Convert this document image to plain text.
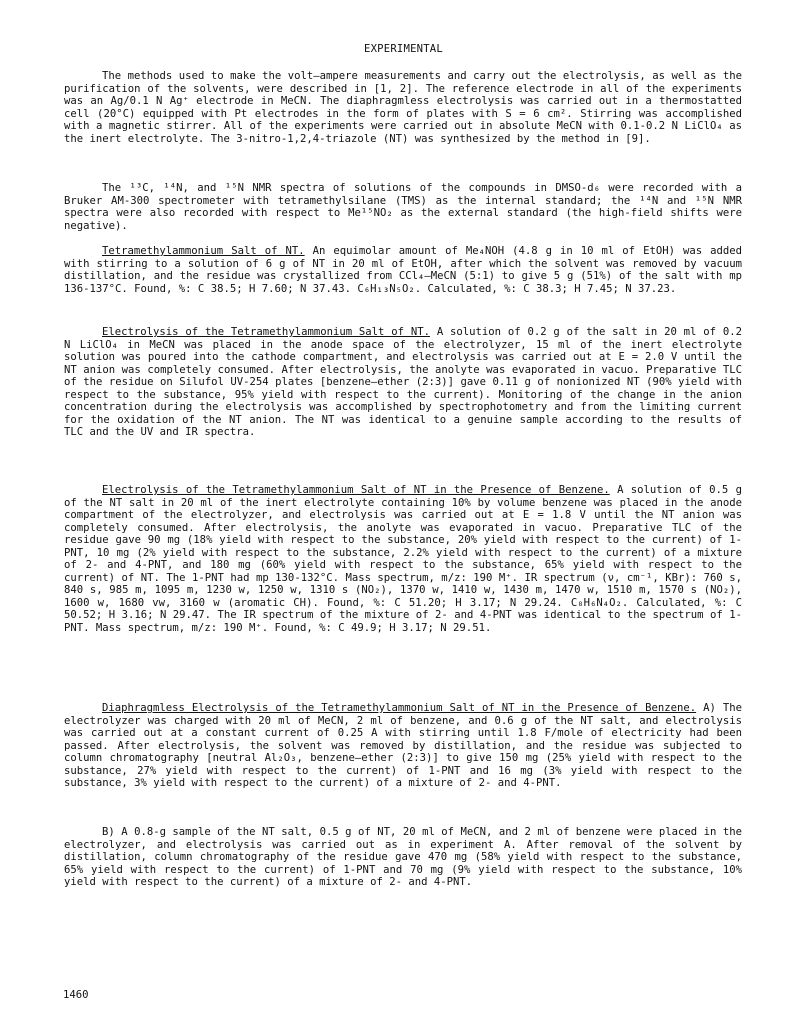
EXPERIMENTAL

The methods used to make the volt–ampere measurements and carry out the electrolysis, as well as the purification of the solvents, were described in [1, 2]. The reference electrode in all of the experiments was an Ag/0.1 N Ag⁺ electrode in MeCN. The diaphragmless electrolysis was carried out in a thermostatted cell (20°C) equipped with Pt electrodes in the form of plates with S = 6 cm². Stirring was accomplished with a magnetic stirrer. All of the experiments were carried out in absolute MeCN with 0.1-0.2 N LiClO₄ as the inert electrolyte. The 3-nitro-1,2,4-triazole (NT) was synthesized by the method in [9].

The ¹³C, ¹⁴N, and ¹⁵N NMR spectra of solutions of the compounds in DMSO-d₆ were recorded with a Bruker AM-300 spectrometer with tetramethylsilane (TMS) as the internal standard; the ¹⁴N and ¹⁵N NMR spectra were also recorded with respect to Me¹⁵NO₂ as the external standard (the high-field shifts were negative).

Tetramethylammonium Salt of NT. An equimolar amount of Me₄NOH (4.8 g in 10 ml of EtOH) was added with stirring to a solution of 6 g of NT in 20 ml of EtOH, after which the solvent was removed by vacuum distillation, and the residue was crystallized from CCl₄–MeCN (5:1) to give 5 g (51%) of the salt with mp 136-137°C. Found, %: C 38.5; H 7.60; N 37.43. C₆H₁₃N₅O₂. Calculated, %: C 38.3; H 7.45; N 37.23.

Electrolysis of the Tetramethylammonium Salt of NT. A solution of 0.2 g of the salt in 20 ml of 0.2 N LiClO₄ in MeCN was placed in the anode space of the electrolyzer, 15 ml of the inert electrolyte solution was poured into the cathode compartment, and electrolysis was carried out at E = 2.0 V until the NT anion was completely consumed. After electrolysis, the anolyte was evaporated in vacuo. Preparative TLC of the residue on Silufol UV-254 plates [benzene–ether (2:3)] gave 0.11 g of nonionized NT (90% yield with respect to the substance, 95% yield with respect to the current). Monitoring of the change in the anion concentration during the electrolysis was accomplished by spectrophotometry and from the limiting current for the oxidation of the NT anion. The NT was identical to a genuine sample according to the results of TLC and the UV and IR spectra.

Electrolysis of the Tetramethylammonium Salt of NT in the Presence of Benzene. A solution of 0.5 g of the NT salt in 20 ml of the inert electrolyte containing 10% by volume benzene was placed in the anode compartment of the electrolyzer, and electrolysis was carried out at E = 1.8 V until the NT anion was completely consumed. After electrolysis, the anolyte was evaporated in vacuo. Preparative TLC of the residue gave 90 mg (18% yield with respect to the substance, 20% yield with respect to the current) of 1-PNT, 10 mg (2% yield with respect to the substance, 2.2% yield with respect to the current) of a mixture of 2- and 4-PNT, and 180 mg (60% yield with respect to the substance, 65% yield with respect to the current) of NT. The 1-PNT had mp 130-132°C. Mass spectrum, m/z: 190 M⁺. IR spectrum (ν, cm⁻¹, KBr): 760 s, 840 s, 985 m, 1095 m, 1230 w, 1250 w, 1310 s (NO₂), 1370 w, 1410 w, 1430 m, 1470 w, 1510 m, 1570 s (NO₂), 1600 w, 1680 vw, 3160 w (aromatic CH). Found, %: C 51.20; H 3.17; N 29.24. C₈H₆N₄O₂. Calculated, %: C 50.52; H 3.16; N 29.47. The IR spectrum of the mixture of 2- and 4-PNT was identical to the spectrum of 1-PNT. Mass spectrum, m/z: 190 M⁺. Found, %: C 49.9; H 3.17; N 29.51.

Diaphragmless Electrolysis of the Tetramethylammonium Salt of NT in the Presence of Benzene. A) The electrolyzer was charged with 20 ml of MeCN, 2 ml of benzene, and 0.6 g of the NT salt, and electrolysis was carried out at a constant current of 0.25 A with stirring until 1.8 F/mole of electricity had been passed. After electrolysis, the solvent was removed by distillation, and the residue was subjected to column chromatography [neutral Al₂O₃, benzene–ether (2:3)] to give 150 mg (25% yield with respect to the substance, 27% yield with respect to the current) of 1-PNT and 16 mg (3% yield with respect to the substance, 3% yield with respect to the current) of a mixture of 2- and 4-PNT.

B) A 0.8-g sample of the NT salt, 0.5 g of NT, 20 ml of MeCN, and 2 ml of benzene were placed in the electrolyzer, and electrolysis was carried out as in experiment A. After removal of the solvent by distillation, column chromatography of the residue gave 470 mg (58% yield with respect to the substance, 65% yield with respect to the current) of 1-PNT and 70 mg (9% yield with respect to the substance, 10% yield with respect to the current) of a mixture of 2- and 4-PNT.

1460
